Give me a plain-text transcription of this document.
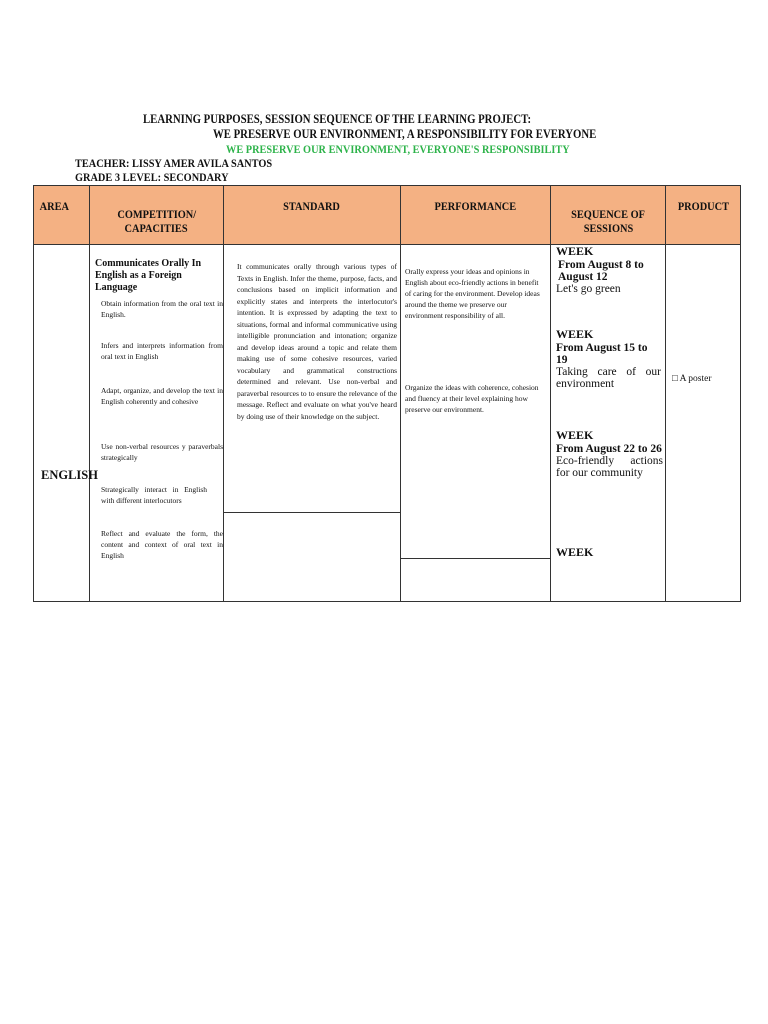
LEARNING PURPOSES, SESSION SEQUENCE OF THE LEARNING PROJECT:
WE PRESERVE OUR ENVIRONMENT, A RESPONSIBILITY FOR EVERYONE
WE PRESERVE OUR ENVIRONMENT, EVERYONE'S RESPONSIBILITY
TEACHER: LISSY AMER AVILA SANTOS
GRADE 3 LEVEL: SECONDARY
AREA
COMPETITION/
CAPACITIES
STANDARD	PERFORMANCE
SEQUENCE OF
SESSIONS
PRODUCT
ENGLISH
Communicates Orally In
English as a Foreign Language
Obtain information from the oral text in English.
Infers and interprets information from oral text in English
Adapt, organize, and develop the text in English coherently and cohesive
Use non-verbal resources y paraverbals strategically
Strategically interact in English with different interlocutors
Reflect and evaluate the form, the content and context of oral text in English
It communicates orally through various types of Texts in English. Infer the theme, purpose, facts, and conclusions based on implicit information and explicitly states and interprets the interlocutor's intention. It is expressed by adapting the text to situations, formal and informal communicative using intelligible pronunciation and intonation; organize and develop ideas around a topic and relate them making use of some cohesive resources, varied vocabulary and grammatical constructions determined and relevant. Use non-verbal and paraverbal resources to to ensure the relevance of the message. Reflect and evaluate on what you've heard by doing use of their knowledge on the subject.
Orally express your ideas and opinions in English about eco-friendly actions in benefit of caring for the environment. Develop ideas around the theme we preserve our environment responsibility of all.
Organize the ideas with coherence, cohesion and fluency at their level explaining how preserve our environment.
WEEK
From August 8 to August 12
Let's go green
WEEK
From August 15 to 19
Taking care of our environment
WEEK
From August 22 to 26
Eco-friendly actions for our community
WEEK
□ A poster
